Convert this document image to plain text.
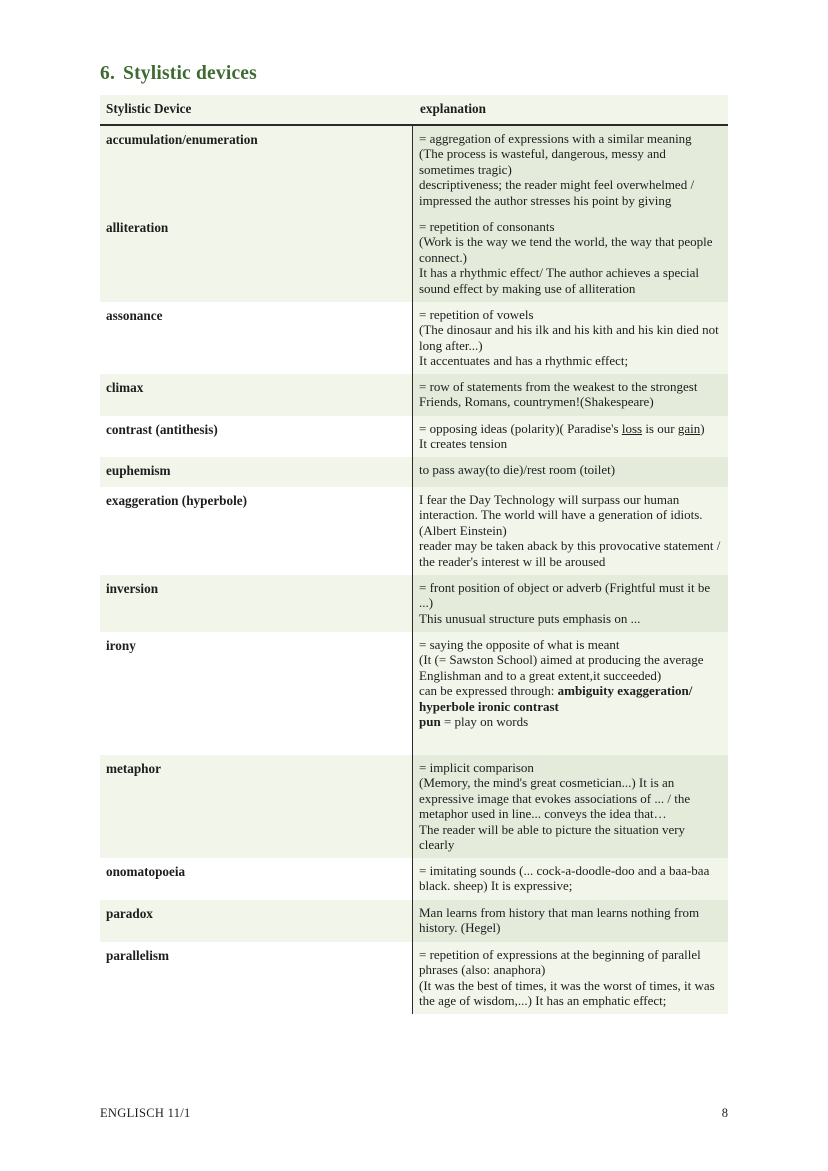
6. Stylistic devices
Stylistic Device	explanation
accumulation/enumeration	= aggregation of expressions with a similar meaning
(The process is wasteful, dangerous, messy and sometimes tragic)
descriptiveness; the reader might feel overwhelmed / impressed the author stresses his point by giving
alliteration	= repetition of consonants
(Work is the way we tend the world, the way that people connect.)
It has a rhythmic effect/ The author achieves a special sound effect by making use of alliteration
assonance	= repetition of vowels
(The dinosaur and his ilk and his kith and his kin died not long after...)
It accentuates and has a rhythmic effect;
climax	= row of statements from the weakest to the strongest
Friends, Romans, countrymen!(Shakespeare)
contrast (antithesis)	= opposing ideas (polarity)( Paradise's loss is our gain)
It creates tension
euphemism	to pass away(to die)/rest room (toilet)
exaggeration (hyperbole)	I fear the Day Technology will surpass our human interaction. The world will have a generation of idiots. (Albert Einstein)
reader may be taken aback by this provocative statement / the reader's interest w ill be aroused
inversion	= front position of object or adverb (Frightful must it be ...)
This unusual structure puts emphasis on ...
irony	= saying the opposite of what is meant
(It (= Sawston School) aimed at producing the average Englishman and to a great extent,it succeeded)
can be expressed through: ambiguity exaggeration/ hyperbole ironic contrast
pun = play on words
metaphor	= implicit comparison
(Memory, the mind's great cosmetician...) It is an expressive image that evokes associations of ... / the metaphor used in line... conveys the idea that…
The reader will be able to picture the situation very clearly
onomatopoeia	= imitating sounds (... cock-a-doodle-doo and a baa-baa black. sheep) It is expressive;
paradox	Man learns from history that man learns nothing from history. (Hegel)
parallelism	= repetition of expressions at the beginning of parallel phrases (also: anaphora)
(It was the best of times, it was the worst of times, it was the age of wisdom,...) It has an emphatic effect;
ENGLISCH 11/1	8
